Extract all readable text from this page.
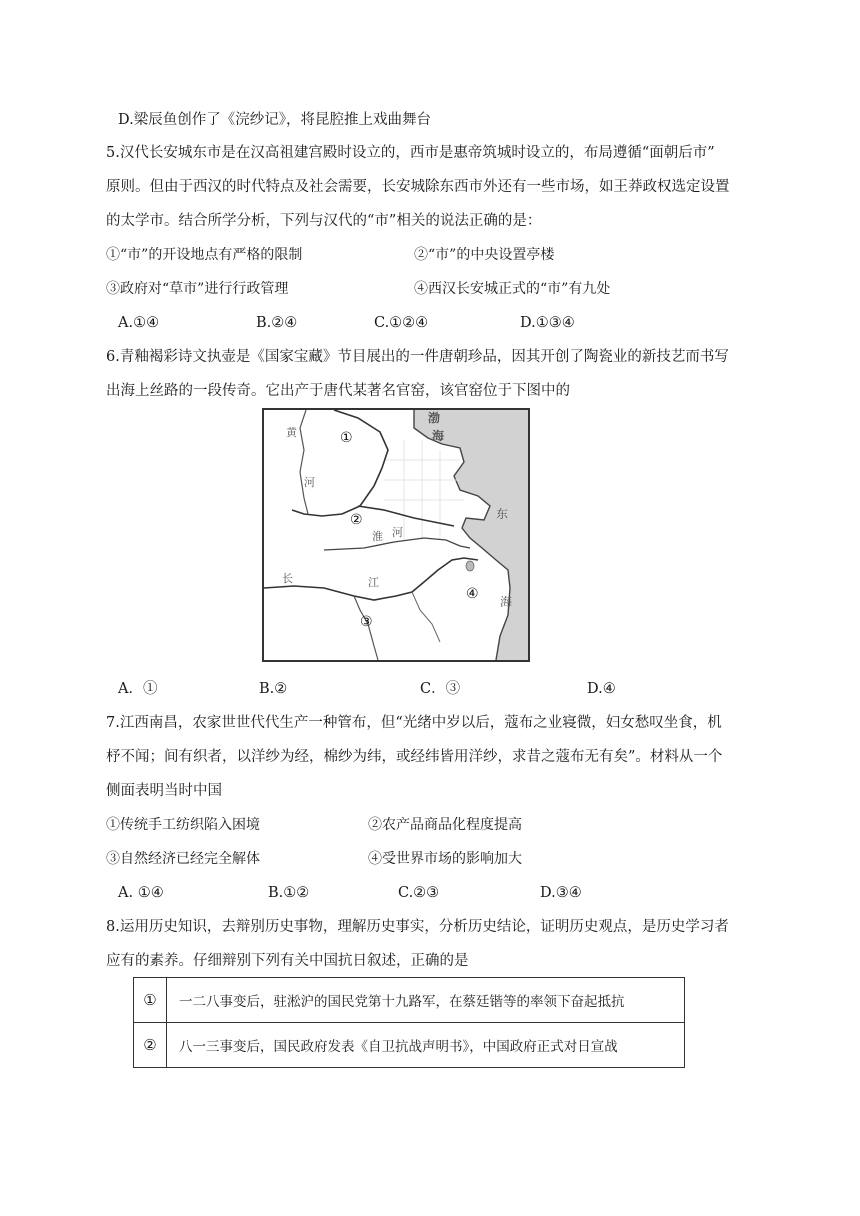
D.梁辰鱼创作了《浣纱记》，将昆腔推上戏曲舞台
5.汉代长安城东市是在汉高祖建宫殿时设立的，西市是惠帝筑城时设立的，布局遵循“面朝后市”
原则。但由于西汉的时代特点及社会需要，长安城除东西市外还有一些市场，如王莽政权选定设置
的太学市。结合所学分析，下列与汉代的“市”相关的说法正确的是：
①“市”的开设地点有严格的限制	②“市”的中央设置亭楼
③政府对“草市”进行行政管理	④西汉长安城正式的“市”有九处
A.①④	B.②④	C.①②④	D.①③④
6.青釉褐彩诗文执壶是《国家宝藏》节目展出的一件唐朝珍品，因其开创了陶瓷业的新技艺而书写
出海上丝路的一段传奇。它出产于唐代某著名官窑，该官窑位于下图中的
黄
河
渤
海
东
海
淮 河
长	江
①
②
③
④
A．①	B.②	C．③	D.④
7.江西南昌，农家世世代代生产一种管布，但“光绪中岁以后，蔻布之业寝微，妇女愁叹坐食，机
杼不闻；间有织者，以洋纱为经，棉纱为纬，或经纬皆用洋纱，求昔之蔻布无有矣”。材料从一个
侧面表明当时中国
①传统手工纺织陷入困境	②农产品商品化程度提高
③自然经济已经完全解体	④受世界市场的影响加大
A. ①④	B.①②	C.②③	D.③④
8.运用历史知识，去辩别历史事物，理解历史事实，分析历史结论，证明历史观点，是历史学习者
应有的素养。仔细辩别下列有关中国抗日叙述，正确的是
①	一二八事变后，驻淞沪的国民党第十九路军，在蔡廷锴等的率领下奋起抵抗
②	八一三事变后，国民政府发表《自卫抗战声明书》，中国政府正式对日宣战
